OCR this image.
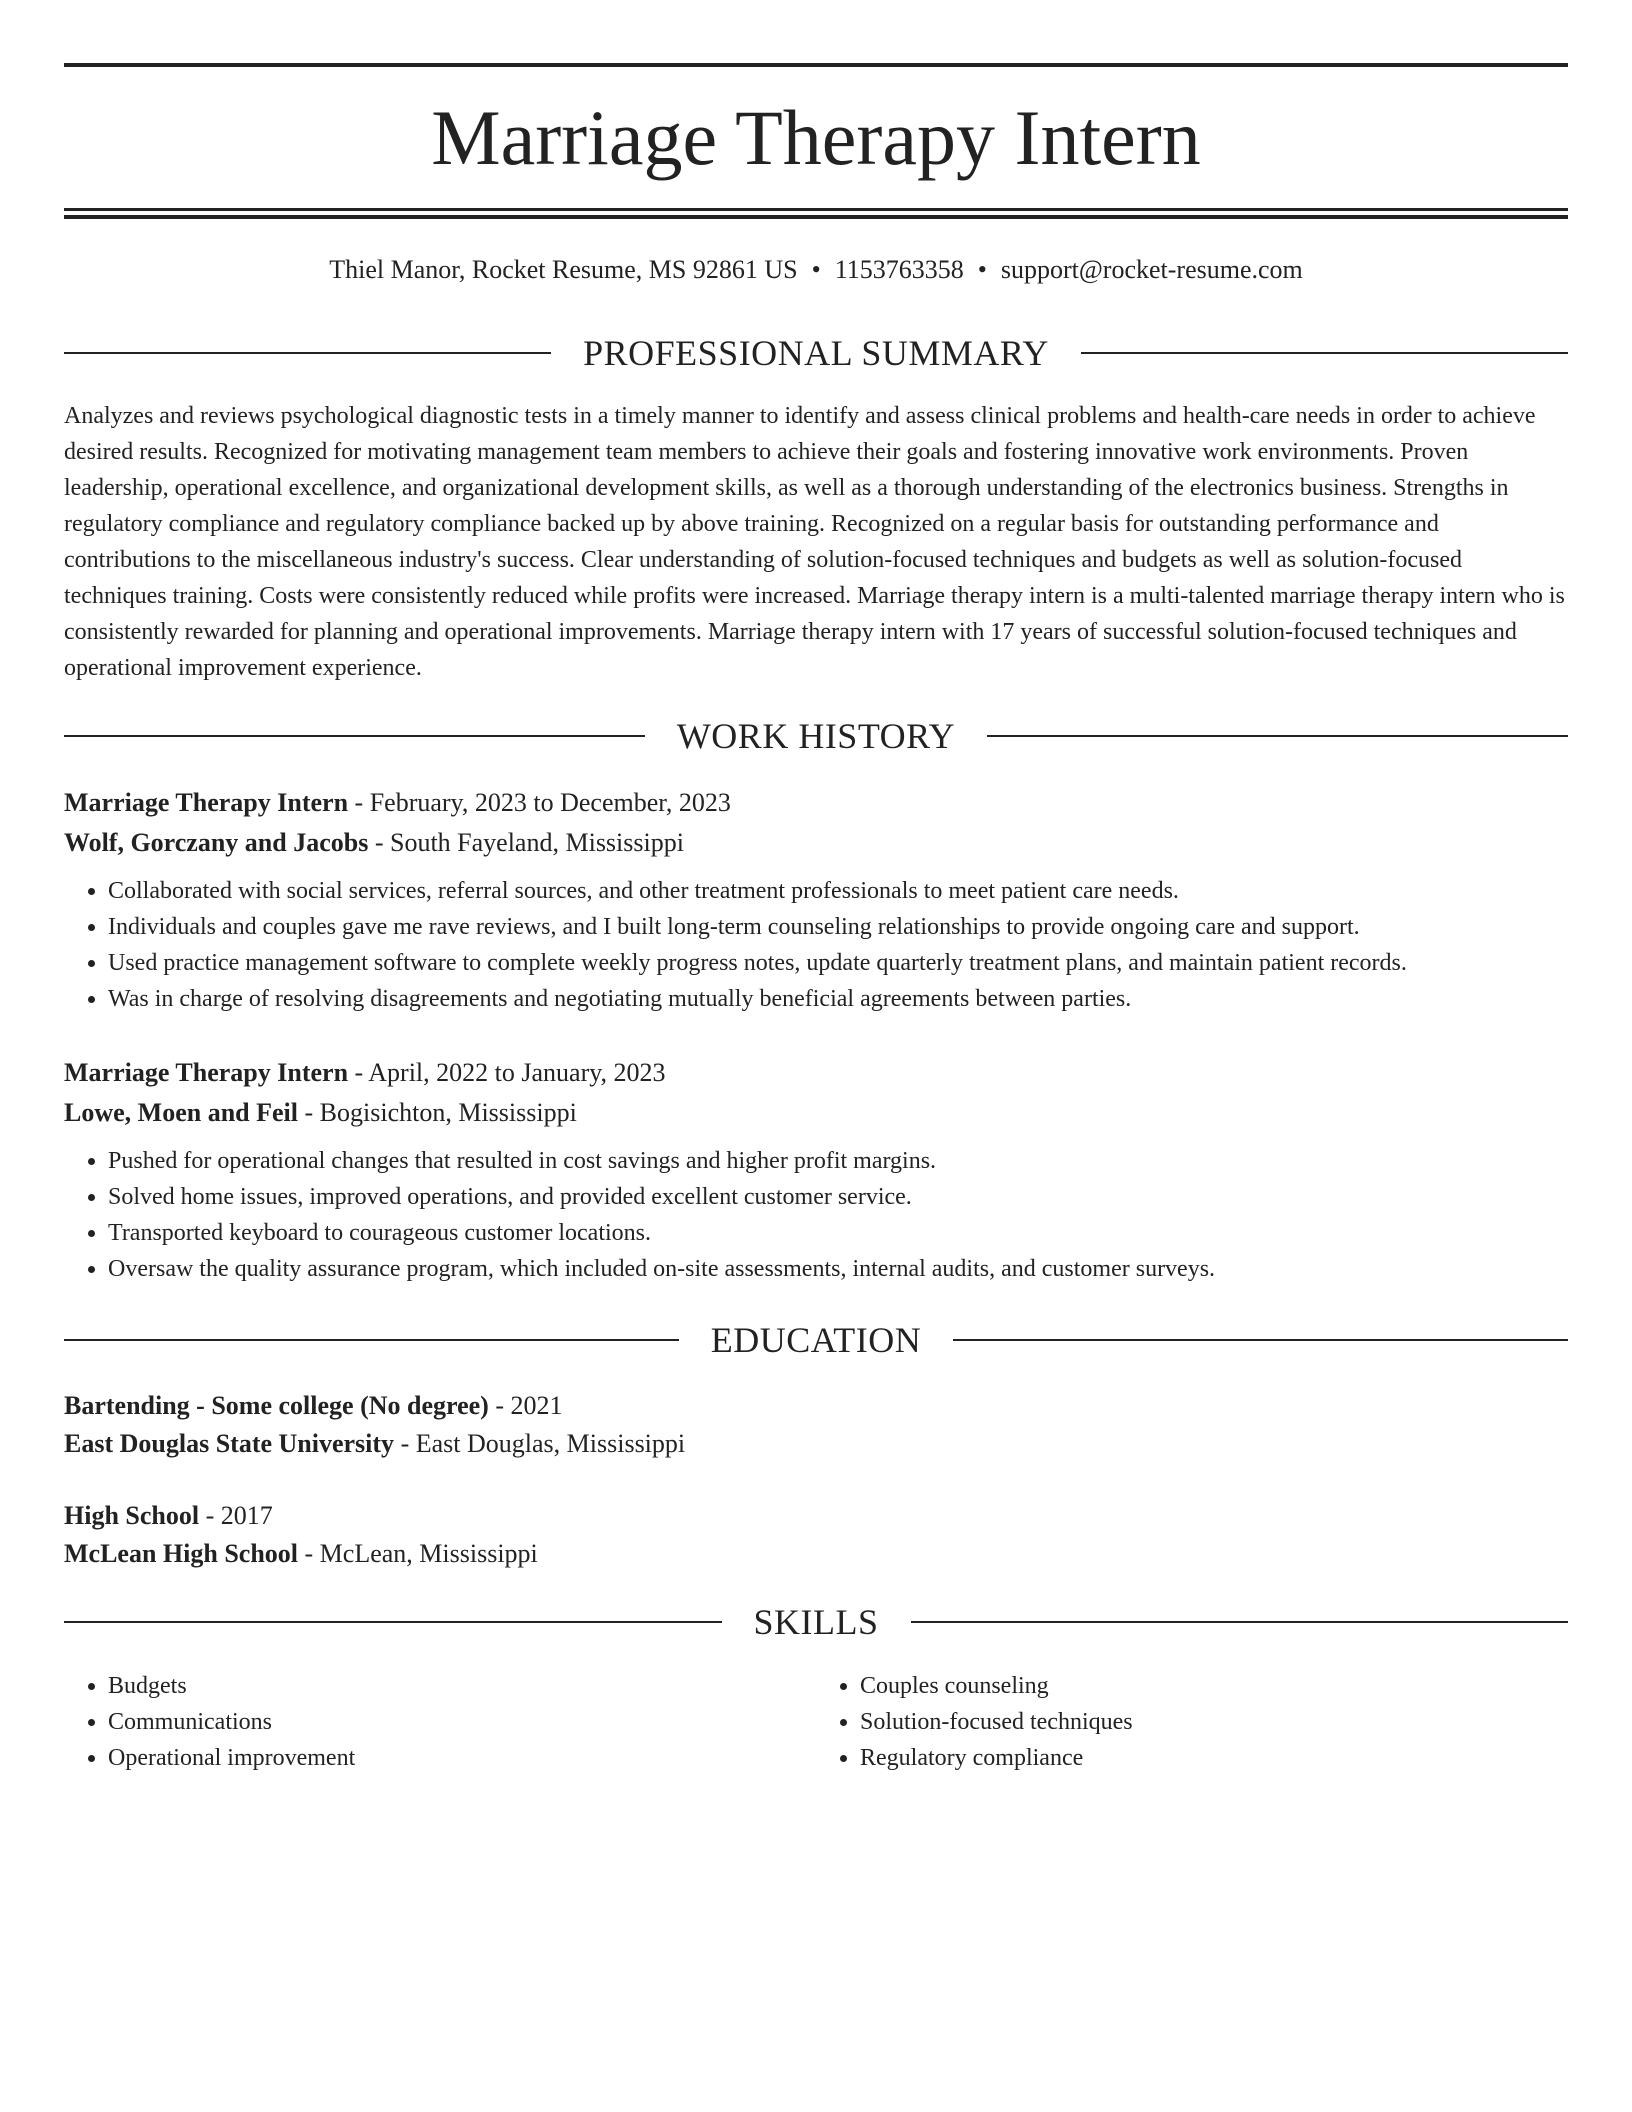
Marriage Therapy Intern
Thiel Manor, Rocket Resume, MS 92861 US • 1153763358 • support@rocket-resume.com
PROFESSIONAL SUMMARY

Analyzes and reviews psychological diagnostic tests in a timely manner to identify and assess clinical problems and health-care needs in order to achieve desired results. Recognized for motivating management team members to achieve their goals and fostering innovative work environments. Proven leadership, operational excellence, and organizational development skills, as well as a thorough understanding of the electronics business. Strengths in regulatory compliance and regulatory compliance backed up by above training. Recognized on a regular basis for outstanding performance and contributions to the miscellaneous industry's success. Clear understanding of solution-focused techniques and budgets as well as solution-focused techniques training. Costs were consistently reduced while profits were increased. Marriage therapy intern is a multi-talented marriage therapy intern who is consistently rewarded for planning and operational improvements. Marriage therapy intern with 17 years of successful solution-focused techniques and operational improvement experience.

WORK HISTORY
Marriage Therapy Intern - February, 2023 to December, 2023
Wolf, Gorczany and Jacobs - South Fayeland, Mississippi
• Collaborated with social services, referral sources, and other treatment professionals to meet patient care needs.
• Individuals and couples gave me rave reviews, and I built long-term counseling relationships to provide ongoing care and support.
• Used practice management software to complete weekly progress notes, update quarterly treatment plans, and maintain patient records.
• Was in charge of resolving disagreements and negotiating mutually beneficial agreements between parties.
Marriage Therapy Intern - April, 2022 to January, 2023
Lowe, Moen and Feil - Bogisichton, Mississippi
• Pushed for operational changes that resulted in cost savings and higher profit margins.
• Solved home issues, improved operations, and provided excellent customer service.
• Transported keyboard to courageous customer locations.
• Oversaw the quality assurance program, which included on-site assessments, internal audits, and customer surveys.
EDUCATION
Bartending - Some college (No degree) - 2021
East Douglas State University - East Douglas, Mississippi
High School - 2017
McLean High School - McLean, Mississippi
SKILLS
• Budgets
• Communications
• Operational improvement
• Couples counseling
• Solution-focused techniques
• Regulatory compliance
